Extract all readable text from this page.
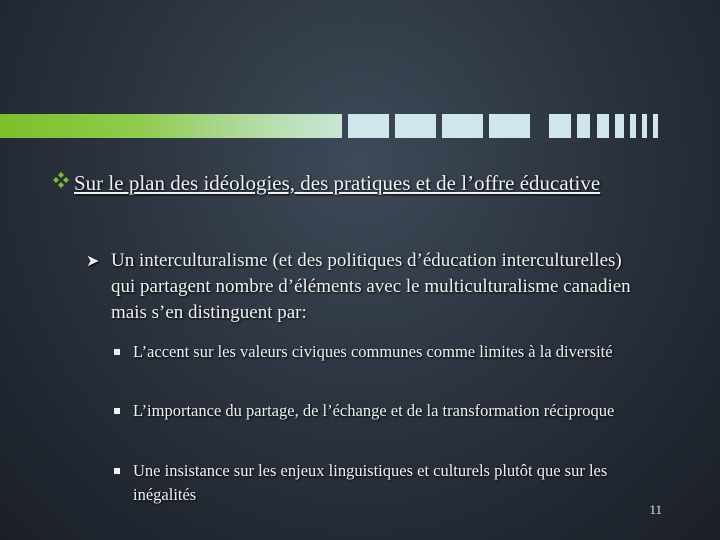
Sur le plan des idéologies, des pratiques et de l’offre éducative
➤ Un interculturalisme (et des politiques d’éducation interculturelles) qui partagent nombre d’éléments avec le multiculturalisme canadien mais s’en distinguent par:
L’accent sur les valeurs civiques communes comme limites à la diversité
L’importance du partage, de l’échange et de la transformation réciproque
Une insistance sur les enjeux linguistiques et culturels plutôt que sur les inégalités
11
